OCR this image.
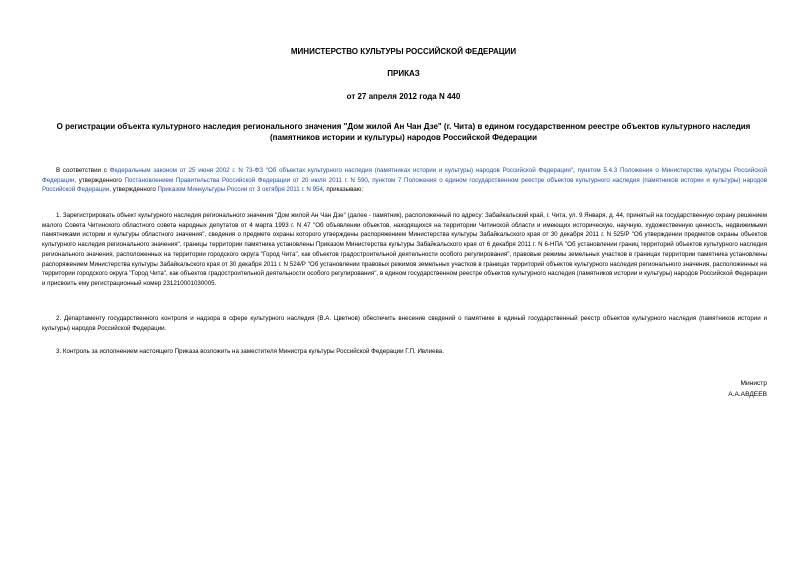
МИНИСТЕРСТВО КУЛЬТУРЫ РОССИЙСКОЙ ФЕДЕРАЦИИ
ПРИКАЗ
от 27 апреля 2012 года N 440
О регистрации объекта культурного наследия регионального значения "Дом жилой Ан Чан Дзе" (г. Чита) в едином государственном реестре объектов культурного наследия (памятников истории и культуры) народов Российской Федерации
В соответствии с Федеральным законом от 25 июня 2002 г. N 73-ФЗ "Об объектах культурного наследия (памятниках истории и культуры) народов Российской Федерации", пунктом 5.4.3 Положения о Министерстве культуры Российской Федерации, утвержденного Постановлением Правительства Российской Федерации от 20 июля 2011 г. N 590, пунктом 7 Положения о едином государственном реестре объектов культурного наследия (памятников истории и культуры) народов Российской Федерации, утвержденного Приказом Минкультуры России от 3 октября 2011 г. N 954, приказываю:
1. Зарегистрировать объект культурного наследия регионального значения "Дом жилой Ан Чан Дзе" (далее - памятник), расположенный по адресу: Забайкальский край, г. Чита, ул. 9 Января, д. 44, принятый на государственную охрану решением малого Совета Читинского областного совета народных депутатов от 4 марта 1993 г. N 47 "Об объявлении объектов, находящихся на территории Читинской области и имеющих историческую, научную, художественную ценность, недвижимыми памятниками истории и культуры областного значения", сведения о предмете охраны которого утверждены распоряжением Министерства культуры Забайкальского края от 30 декабря 2011 г. N 525/Р "Об утверждении предметов охраны объектов культурного наследия регионального значения", границы территории памятника установлены Приказом Министерства культуры Забайкальского края от 6 декабря 2011 г. N 6-НПА "Об установлении границ территорий объектов культурного наследия регионального значения, расположенных на территории городского округа "Город Чита", как объектов градостроительной деятельности особого регулирования", правовые режимы земельных участков в границах территории памятника установлены распоряжением Министерства культуры Забайкальского края от 30 декабря 2011 г. N 524/Р "Об установлении правовых режимов земельных участков в границах территорий объектов культурного наследия регионального значения, расположенных на территории городского округа "Город Чита", как объектов градостроительной деятельности особого регулирования", в едином государственном реестре объектов культурного наследия (памятников истории и культуры) народов Российской Федерации и присвоить ему регистрационный номер 231210001030005.
2. Департаменту государственного контроля и надзора в сфере культурного наследия (В.А. Цветнов) обеспечить внесение сведений о памятнике в единый государственный реестр объектов культурного наследия (памятников истории и культуры) народов Российской Федерации.
3. Контроль за исполнением настоящего Приказа возложить на заместителя Министра культуры Российской Федерации Г.П. Ивлиева.
Министр
А.А.АВДЕЕВ
